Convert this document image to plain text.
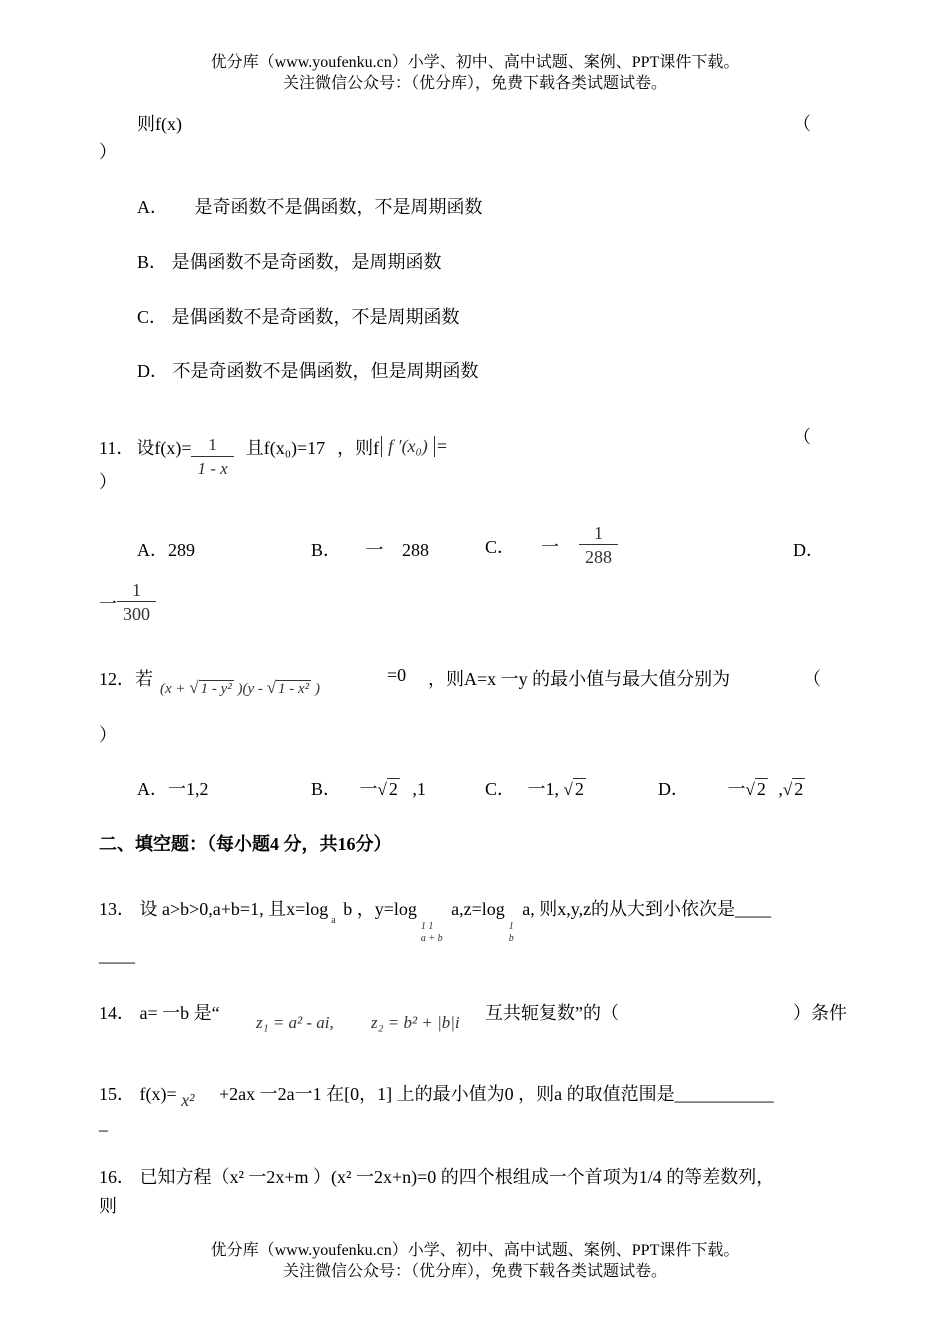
优分库（www.youfenku.cn）小学、初中、高中试题、案例、PPT课件下载。
关注微信公众号：（优分库），免费下载各类试题试卷。
则f(x)	（
）
A． 是奇函数不是偶函数，不是周期函数
B． 是偶函数不是奇函数，是周期函数
C． 是偶函数不是奇函数，不是周期函数
D． 不是奇函数不是偶函数，但是周期函数
11． 设$f(x)= \frac{1}{1 - x}$ 且f(x₀)=17 ，则f f ′(x₀) =	（
）
A．289	B． 一 288	C． 一 $\frac{1}{288}$	D．
一 $\frac{1}{300}$
12．若 (x + √ 1 - y² )(y - √ 1 - x² )
=0 ，则A=x 一y 的最小值与最大值分别为	（
）
A．一1,2	B． 一√ 2 ,1	C． 一1, √ 2	D． 一√ 2 ,√ 2
二、填空题：（每小题4 分，共16分）
13． 设 a>b>0,a+b=1, 且$x=\log_a$ b ，y=log
1 1
a + b
a,z=log
1
b
a, 则x,y,z的从大到小依次是____
____
14． a= 一b 是“ z₁ = a² - ai, z₂ = b² + |b|i 互共轭复数”的（	）条件
15． f(x)= x² +2ax 一2a一1 在[0，1] 上的最小值为0 ，则a 的取值范围是___________
_
16． 已知方程（x² 一2x+m ）(x² 一2x+n)=0 的四个根组成一个首项为1/4 的等差数列，
则
优分库（www.youfenku.cn）小学、初中、高中试题、案例、PPT课件下载。
关注微信公众号：（优分库），免费下载各类试题试卷。
